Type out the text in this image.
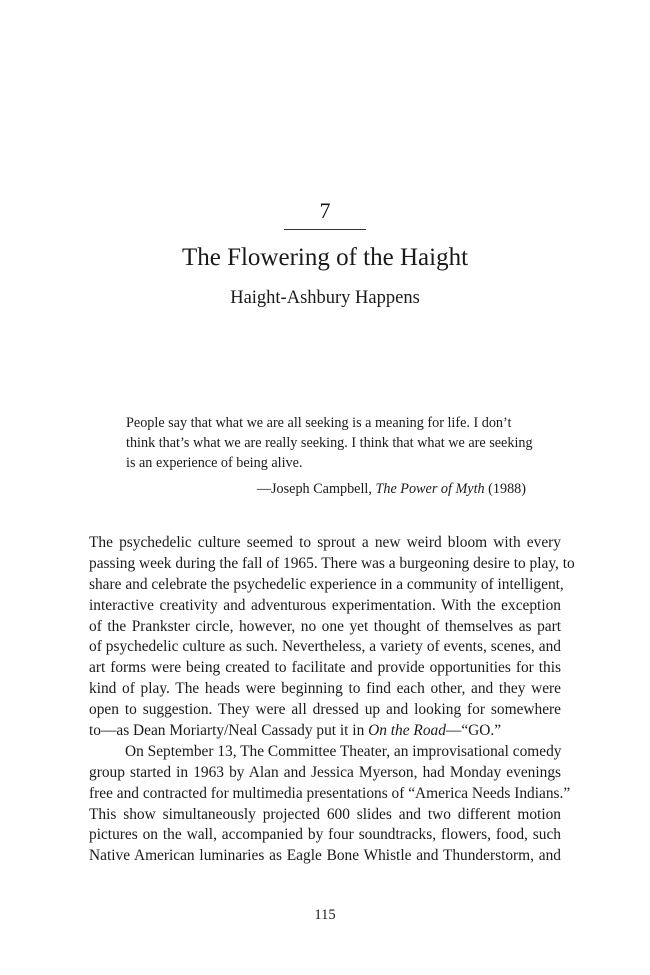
7
The Flowering of the Haight
Haight-Ashbury Happens
People say that what we are all seeking is a meaning for life. I don’t
think that’s what we are really seeking. I think that what we are seeking
is an experience of being alive.
—Joseph Campbell, The Power of Myth (1988)
The psychedelic culture seemed to sprout a new weird bloom with every
passing week during the fall of 1965. There was a burgeoning desire to play, to
share and celebrate the psychedelic experience in a community of intelligent,
interactive creativity and adventurous experimentation. With the exception
of the Prankster circle, however, no one yet thought of themselves as part
of psychedelic culture as such. Nevertheless, a variety of events, scenes, and
art forms were being created to facilitate and provide opportunities for this
kind of play. The heads were beginning to find each other, and they were
open to suggestion. They were all dressed up and looking for somewhere
to—as Dean Moriarty/Neal Cassady put it in On the Road—“GO.”
On September 13, The Committee Theater, an improvisational comedy
group started in 1963 by Alan and Jessica Myerson, had Monday evenings
free and contracted for multimedia presentations of “America Needs Indians.”
This show simultaneously projected 600 slides and two different motion
pictures on the wall, accompanied by four soundtracks, flowers, food, such
Native American luminaries as Eagle Bone Whistle and Thunderstorm, and
115
